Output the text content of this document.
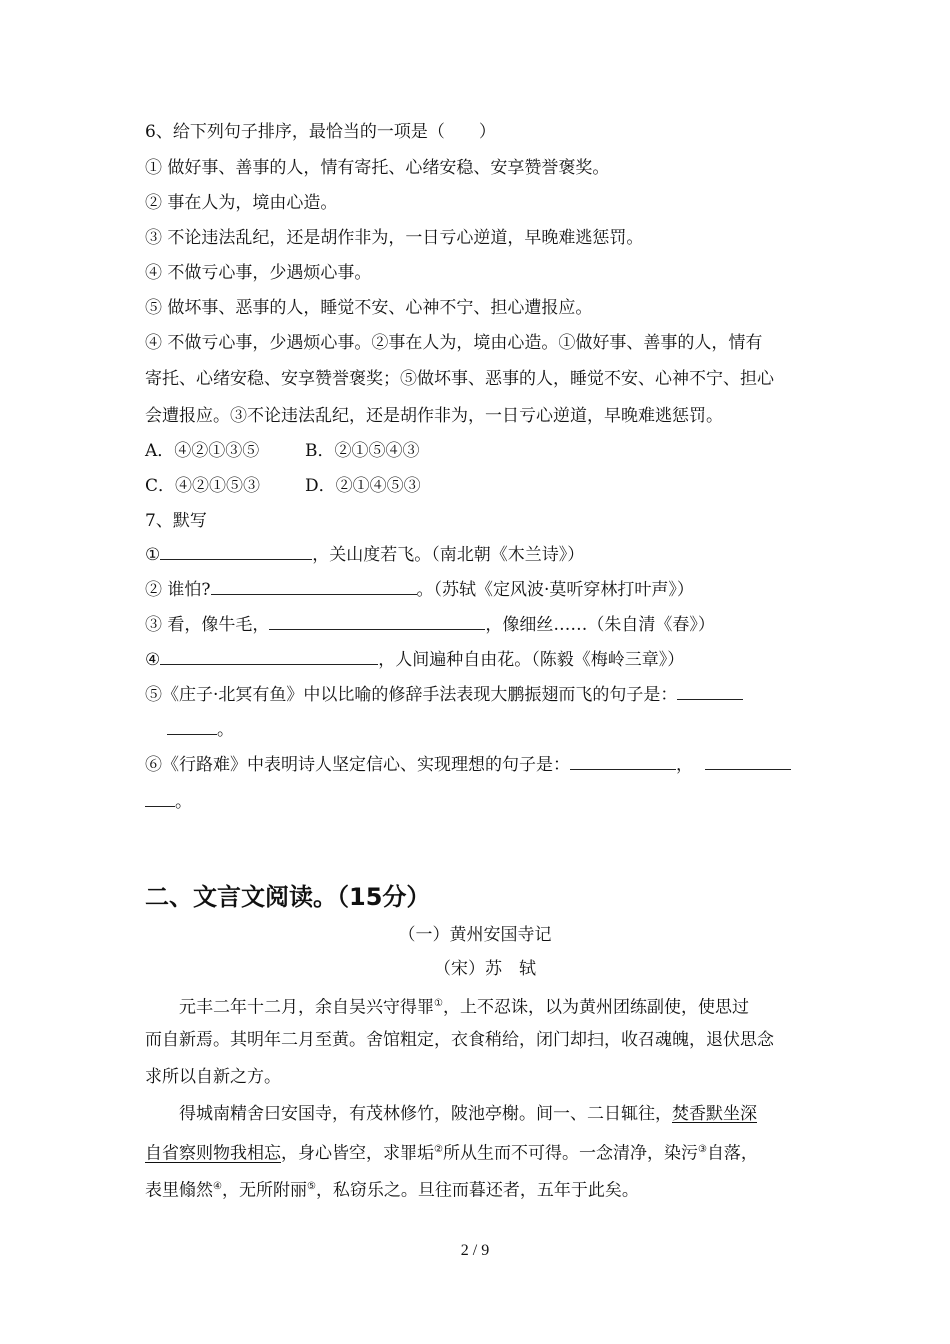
6、给下列句子排序，最恰当的一项是（　　）
① 做好事、善事的人，情有寄托、心绪安稳、安享赞誉褒奖。
② 事在人为，境由心造。
③ 不论违法乱纪，还是胡作非为，一日亏心逆道，早晚难逃惩罚。
④ 不做亏心事，少遇烦心事。
⑤ 做坏事、恶事的人，睡觉不安、心神不宁、担心遭报应。
④ 不做亏心事，少遇烦心事。②事在人为，境由心造。①做好事、善事的人，情有
寄托、心绪安稳、安享赞誉褒奖；⑤做坏事、恶事的人，睡觉不安、心神不宁、担心
会遭报应。③不论违法乱纪，还是胡作非为，一日亏心逆道，早晚难逃惩罚。
A．④②①③⑤	B．②①⑤④③
C．④②①⑤③	D．②①④⑤③
7、默写
①	，关山度若飞。（南北朝《木兰诗》）
② 谁怕?	。（苏轼《定风波·莫听穿林打叶声》）
③ 看，像牛毛，	，像细丝……（朱自清《春》）
④	，人间遍种自由花。（陈毅《梅岭三章》）
⑤《庄子·北冥有鱼》中以比喻的修辞手法表现大鹏振翅而飞的句子是：
。
⑥《行路难》中表明诗人坚定信心、实现理想的句子是：	，
。
二、文言文阅读。（15分）
（一）黄州安国寺记
（宋）苏　轼
元丰二年十二月，余自吴兴守得罪①，上不忍诛，以为黄州团练副使，使思过
而自新焉。其明年二月至黄。舍馆粗定，衣食稍给，闭门却扫，收召魂魄，退伏思念
求所以自新之方。
得城南精舍曰安国寺，有茂林修竹，陂池亭榭。间一、二日辄往，焚香默坐深
自省察则物我相忘，身心皆空，求罪垢②所从生而不可得。一念清净，染污③自落，
表里翛然④，无所附丽⑤，私窃乐之。旦往而暮还者，五年于此矣。
2 / 9
